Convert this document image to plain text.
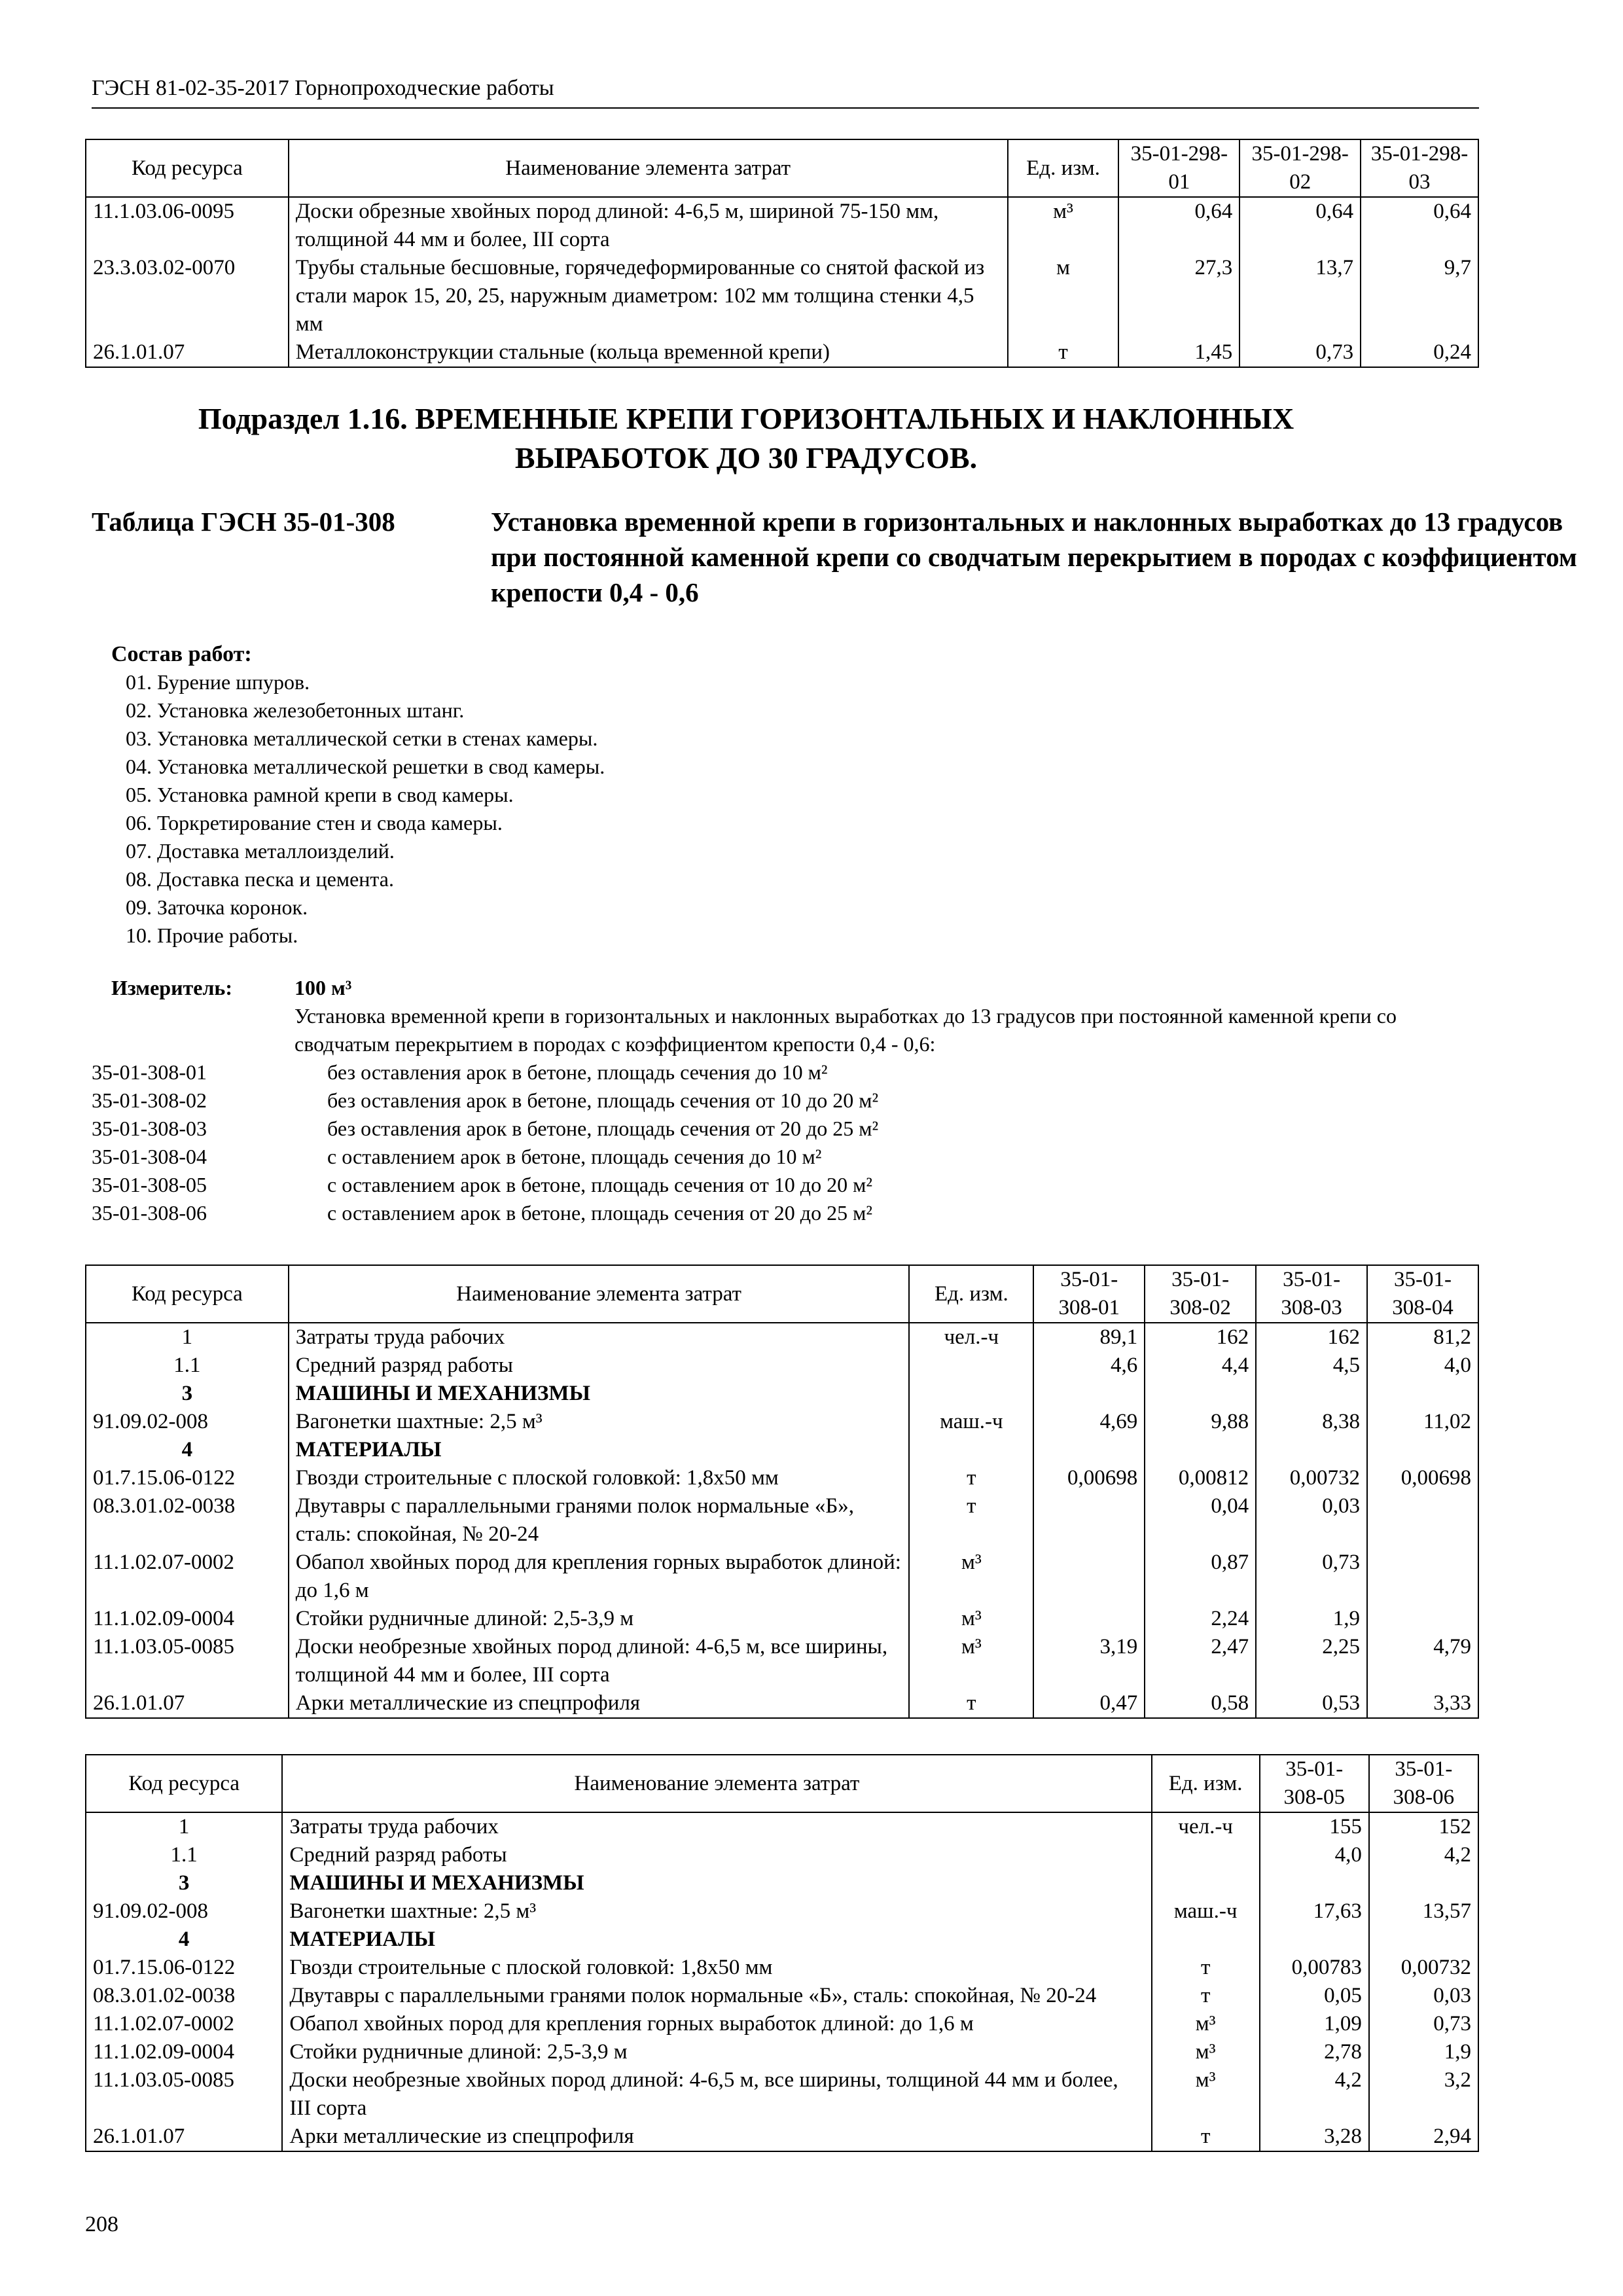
ГЭСН 81-02-35-2017 Горнопроходческие работы
Код ресурса	Наименование элемента затрат	Ед. изм.	35-01-298-01	35-01-298-02	35-01-298-03
11.1.03.06-0095	Доски обрезные хвойных пород длиной: 4-6,5 м, шириной 75-150 мм, толщиной 44 мм и более, III сорта	м³	0,64	0,64	0,64
23.3.03.02-0070	Трубы стальные бесшовные, горячедеформированные со снятой фаской из стали марок 15, 20, 25, наружным диаметром: 102 мм толщина стенки 4,5 мм	м	27,3	13,7	9,7
26.1.01.07	Металлоконструкции стальные (кольца временной крепи)	т	1,45	0,73	0,24
Подраздел 1.16. ВРЕМЕННЫЕ КРЕПИ ГОРИЗОНТАЛЬНЫХ И НАКЛОННЫХ
ВЫРАБОТОК ДО 30 ГРАДУСОВ.
Таблица ГЭСН 35-01-308	Установка временной крепи в горизонтальных и наклонных выработках до 13 градусов при постоянной каменной крепи со сводчатым перекрытием в породах с коэффициентом крепости 0,4 - 0,6
Состав работ:
01. Бурение шпуров.
02. Установка железобетонных штанг.
03. Установка металлической сетки в стенах камеры.
04. Установка металлической решетки в свод камеры.
05. Установка рамной крепи в свод камеры.
06. Торкретирование стен и свода камеры.
07. Доставка металлоизделий.
08. Доставка песка и цемента.
09. Заточка коронок.
10. Прочие работы.
Измеритель:	100 м³
Установка временной крепи в горизонтальных и наклонных выработках до 13 градусов при постоянной каменной крепи со сводчатым перекрытием в породах с коэффициентом крепости 0,4 - 0,6:
35-01-308-01	без оставления арок в бетоне, площадь сечения до 10 м²
35-01-308-02	без оставления арок в бетоне, площадь сечения от 10 до 20 м²
35-01-308-03	без оставления арок в бетоне, площадь сечения от 20 до 25 м²
35-01-308-04	с оставлением арок в бетоне, площадь сечения до 10 м²
35-01-308-05	с оставлением арок в бетоне, площадь сечения от 10 до 20 м²
35-01-308-06	с оставлением арок в бетоне, площадь сечения от 20 до 25 м²
Код ресурса	Наименование элемента затрат	Ед. изм.	35-01-308-01	35-01-308-02	35-01-308-03	35-01-308-04
1	Затраты труда рабочих	чел.-ч	89,1	162	162	81,2
1.1	Средний разряд работы		4,6	4,4	4,5	4,0
3	МАШИНЫ И МЕХАНИЗМЫ					
91.09.02-008	Вагонетки шахтные: 2,5 м³	маш.-ч	4,69	9,88	8,38	11,02
4	МАТЕРИАЛЫ					
01.7.15.06-0122	Гвозди строительные с плоской головкой: 1,8x50 мм	т	0,00698	0,00812	0,00732	0,00698
08.3.01.02-0038	Двутавры с параллельными гранями полок нормальные «Б», сталь: спокойная, № 20-24	т		0,04	0,03	
11.1.02.07-0002	Обапол хвойных пород для крепления горных выработок длиной: до 1,6 м	м³		0,87	0,73	
11.1.02.09-0004	Стойки рудничные длиной: 2,5-3,9 м	м³		2,24	1,9	
11.1.03.05-0085	Доски необрезные хвойных пород длиной: 4-6,5 м, все ширины, толщиной 44 мм и более, III сорта	м³	3,19	2,47	2,25	4,79
26.1.01.07	Арки металлические из спецпрофиля	т	0,47	0,58	0,53	3,33
Код ресурса	Наименование элемента затрат	Ед. изм.	35-01-308-05	35-01-308-06
1	Затраты труда рабочих	чел.-ч	155	152
1.1	Средний разряд работы		4,0	4,2
3	МАШИНЫ И МЕХАНИЗМЫ			
91.09.02-008	Вагонетки шахтные: 2,5 м³	маш.-ч	17,63	13,57
4	МАТЕРИАЛЫ			
01.7.15.06-0122	Гвозди строительные с плоской головкой: 1,8x50 мм	т	0,00783	0,00732
08.3.01.02-0038	Двутавры с параллельными гранями полок нормальные «Б», сталь: спокойная, № 20-24	т	0,05	0,03
11.1.02.07-0002	Обапол хвойных пород для крепления горных выработок длиной: до 1,6 м	м³	1,09	0,73
11.1.02.09-0004	Стойки рудничные длиной: 2,5-3,9 м	м³	2,78	1,9
11.1.03.05-0085	Доски необрезные хвойных пород длиной: 4-6,5 м, все ширины, толщиной 44 мм и более, III сорта	м³	4,2	3,2
26.1.01.07	Арки металлические из спецпрофиля	т	3,28	2,94
208
